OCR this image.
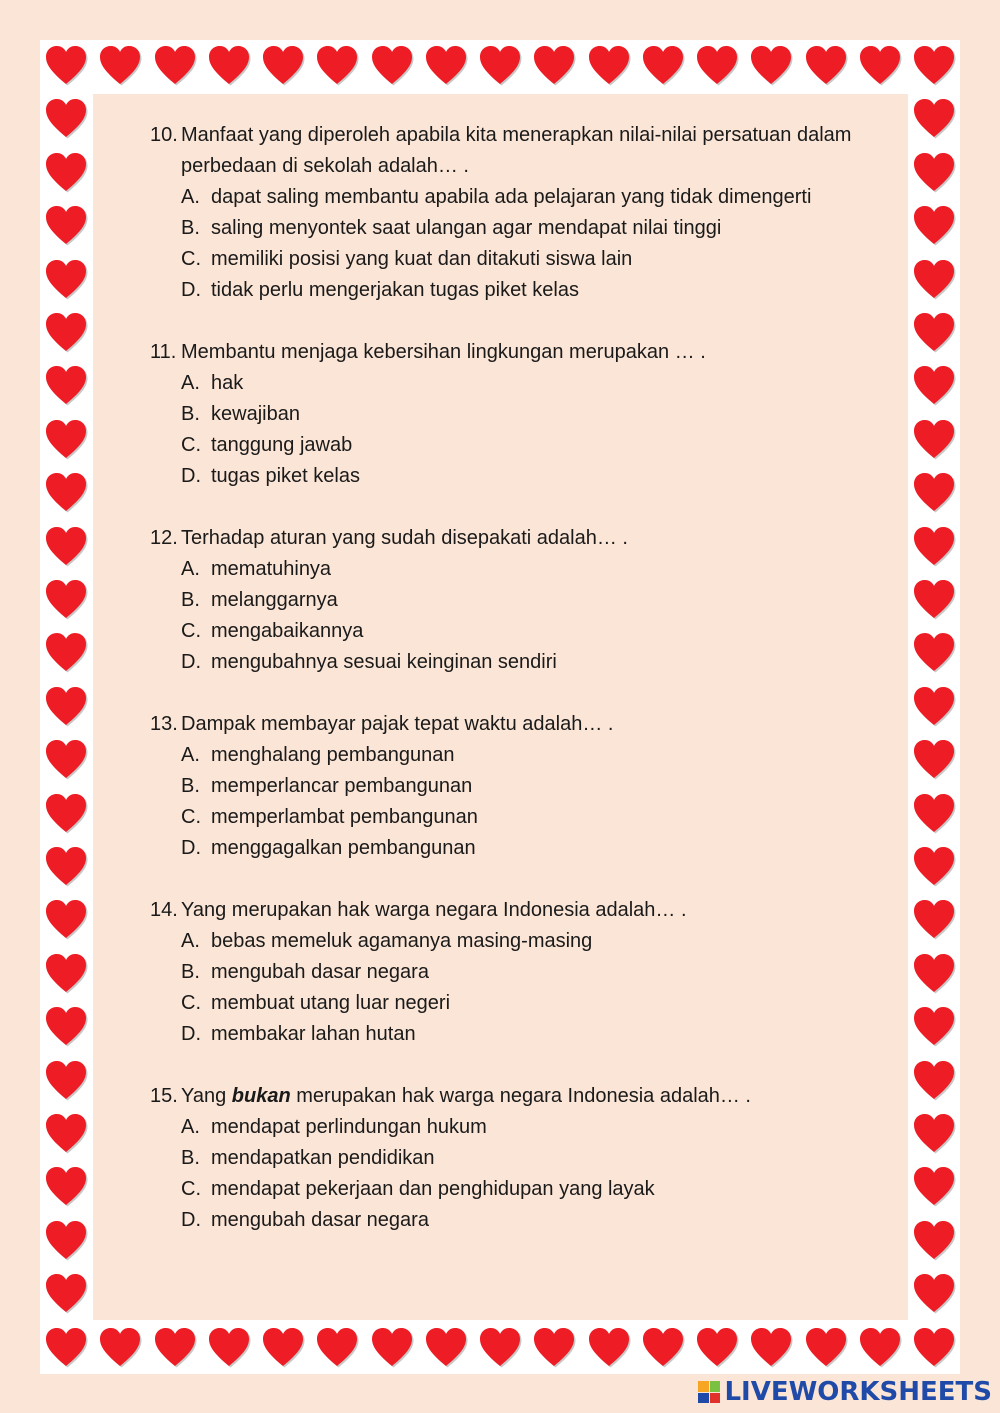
10. Manfaat yang diperoleh apabila kita menerapkan nilai-nilai persatuan dalam perbedaan di sekolah adalah… .
A. dapat saling membantu apabila ada pelajaran yang tidak dimengerti
B. saling menyontek saat ulangan agar mendapat nilai tinggi
C. memiliki posisi yang kuat dan ditakuti siswa lain
D. tidak perlu mengerjakan tugas piket kelas
11. Membantu menjaga kebersihan lingkungan merupakan … .
A. hak
B. kewajiban
C. tanggung jawab
D. tugas piket kelas
12. Terhadap aturan yang sudah disepakati adalah… .
A. mematuhinya
B. melanggarnya
C. mengabaikannya
D. mengubahnya sesuai keinginan sendiri
13. Dampak membayar pajak tepat waktu adalah… .
A. menghalang pembangunan
B. memperlancar pembangunan
C. memperlambat pembangunan
D. menggagalkan pembangunan
14. Yang merupakan hak warga negara Indonesia adalah… .
A. bebas memeluk agamanya masing-masing
B. mengubah dasar negara
C. membuat utang luar negeri
D. membakar lahan hutan
15. Yang bukan merupakan hak warga negara Indonesia adalah… .
A. mendapat perlindungan hukum
B. mendapatkan pendidikan
C. mendapat pekerjaan dan penghidupan yang layak
D. mengubah dasar negara
LIVEWORKSHEETS
